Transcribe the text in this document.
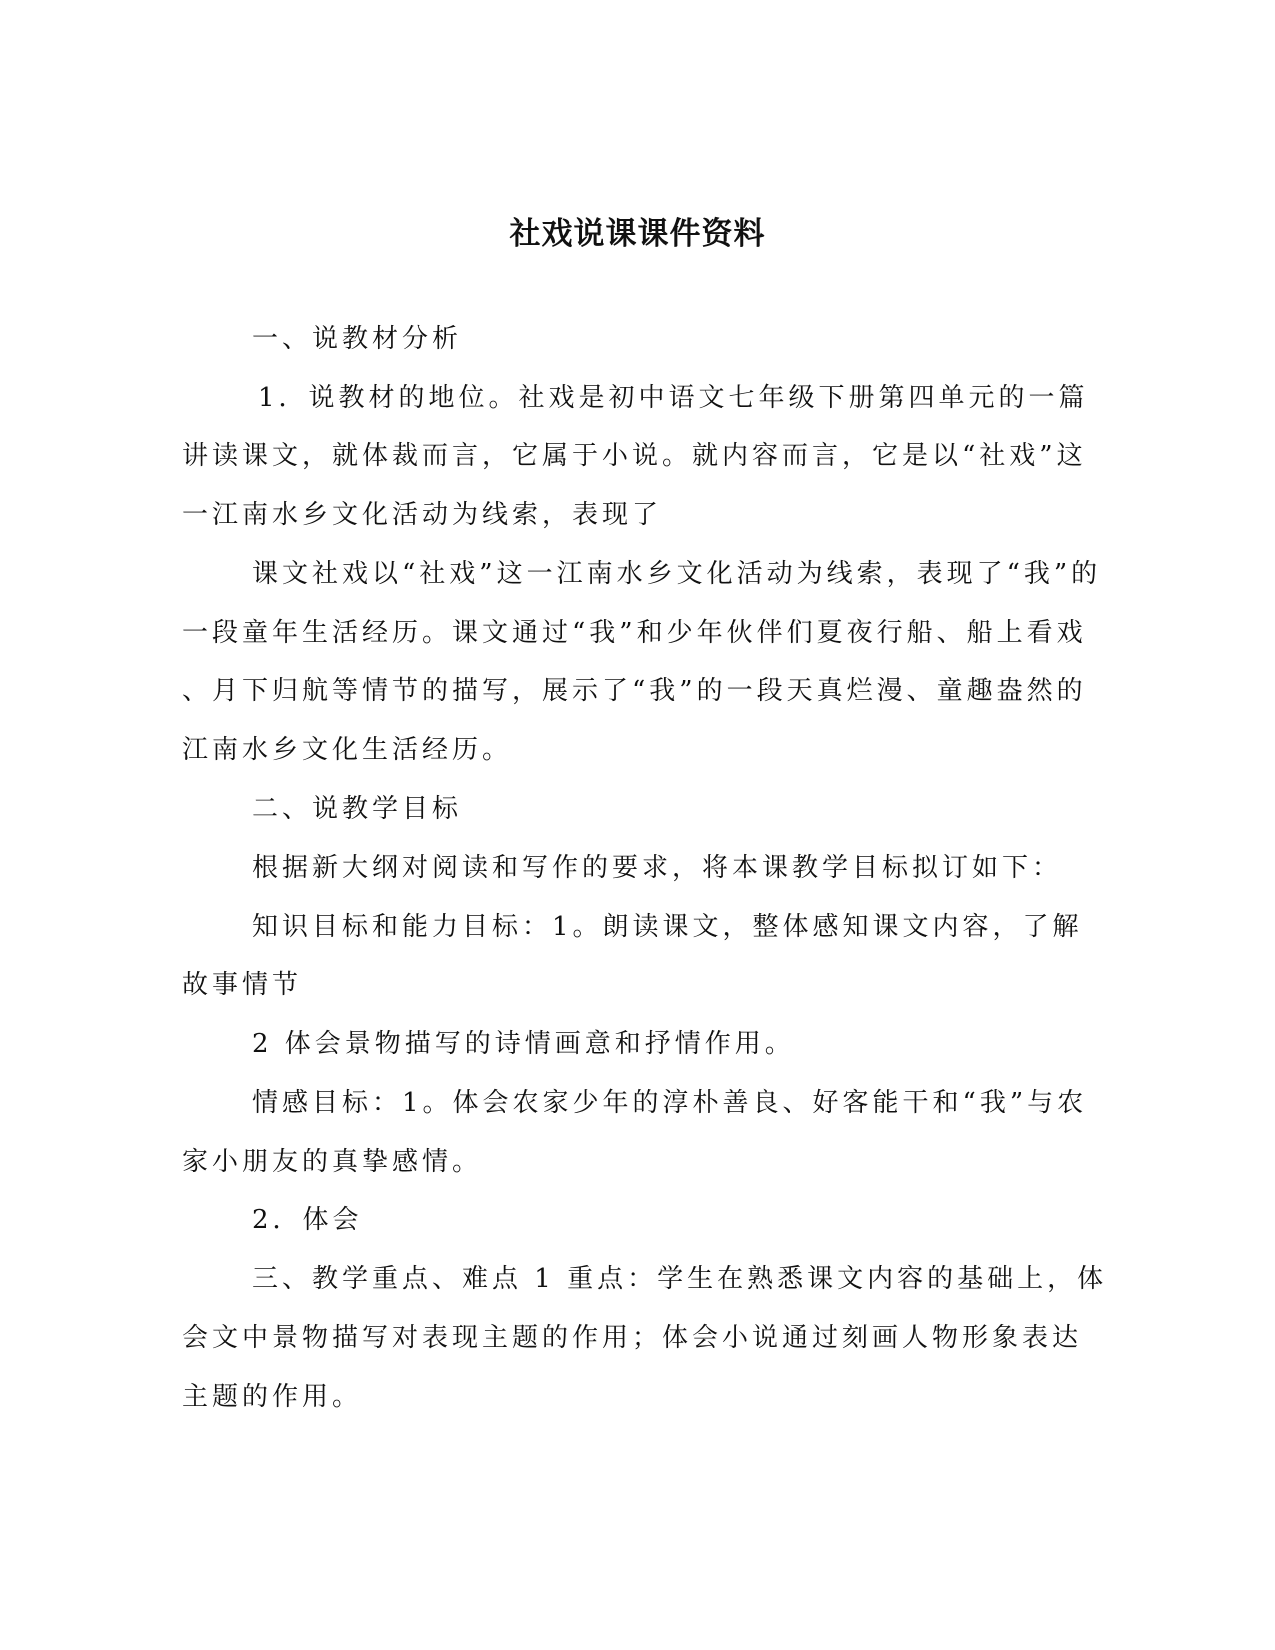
社戏说课课件资料
一、说教材分析
1．说教材的地位。社戏是初中语文七年级下册第四单元的一篇
讲读课文，就体裁而言，它属于小说。就内容而言，它是以“社戏”这
一江南水乡文化活动为线索，表现了
课文社戏以“社戏”这一江南水乡文化活动为线索，表现了“我”的
一段童年生活经历。课文通过“我”和少年伙伴们夏夜行船、船上看戏
、月下归航等情节的描写，展示了“我”的一段天真烂漫、童趣盎然的
江南水乡文化生活经历。
二、说教学目标
根据新大纲对阅读和写作的要求，将本课教学目标拟订如下：
知识目标和能力目标：1。朗读课文，整体感知课文内容，了解
故事情节
2 体会景物描写的诗情画意和抒情作用。
情感目标：1。体会农家少年的淳朴善良、好客能干和“我”与农
家小朋友的真挚感情。
2．体会
三、教学重点、难点 1 重点：学生在熟悉课文内容的基础上，体
会文中景物描写对表现主题的作用；体会小说通过刻画人物形象表达
主题的作用。
